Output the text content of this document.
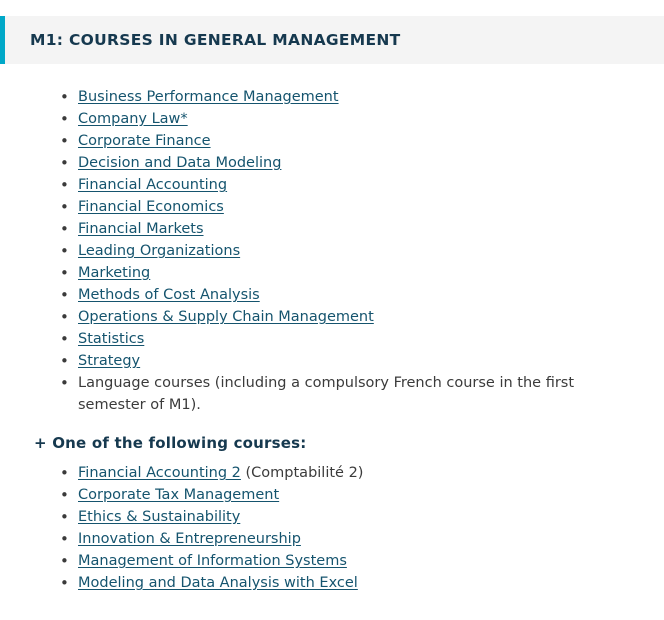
M1: COURSES IN GENERAL MANAGEMENT
• Business Performance Management
• Company Law*
• Corporate Finance
• Decision and Data Modeling
• Financial Accounting
• Financial Economics
• Financial Markets
• Leading Organizations
• Marketing
• Methods of Cost Analysis
• Operations & Supply Chain Management
• Statistics
• Strategy
• Language courses (including a compulsory French course in the first semester of M1).
+ One of the following courses:
• Financial Accounting 2 (Comptabilité 2)
• Corporate Tax Management
• Ethics & Sustainability
• Innovation & Entrepreneurship
• Management of Information Systems
• Modeling and Data Analysis with Excel
